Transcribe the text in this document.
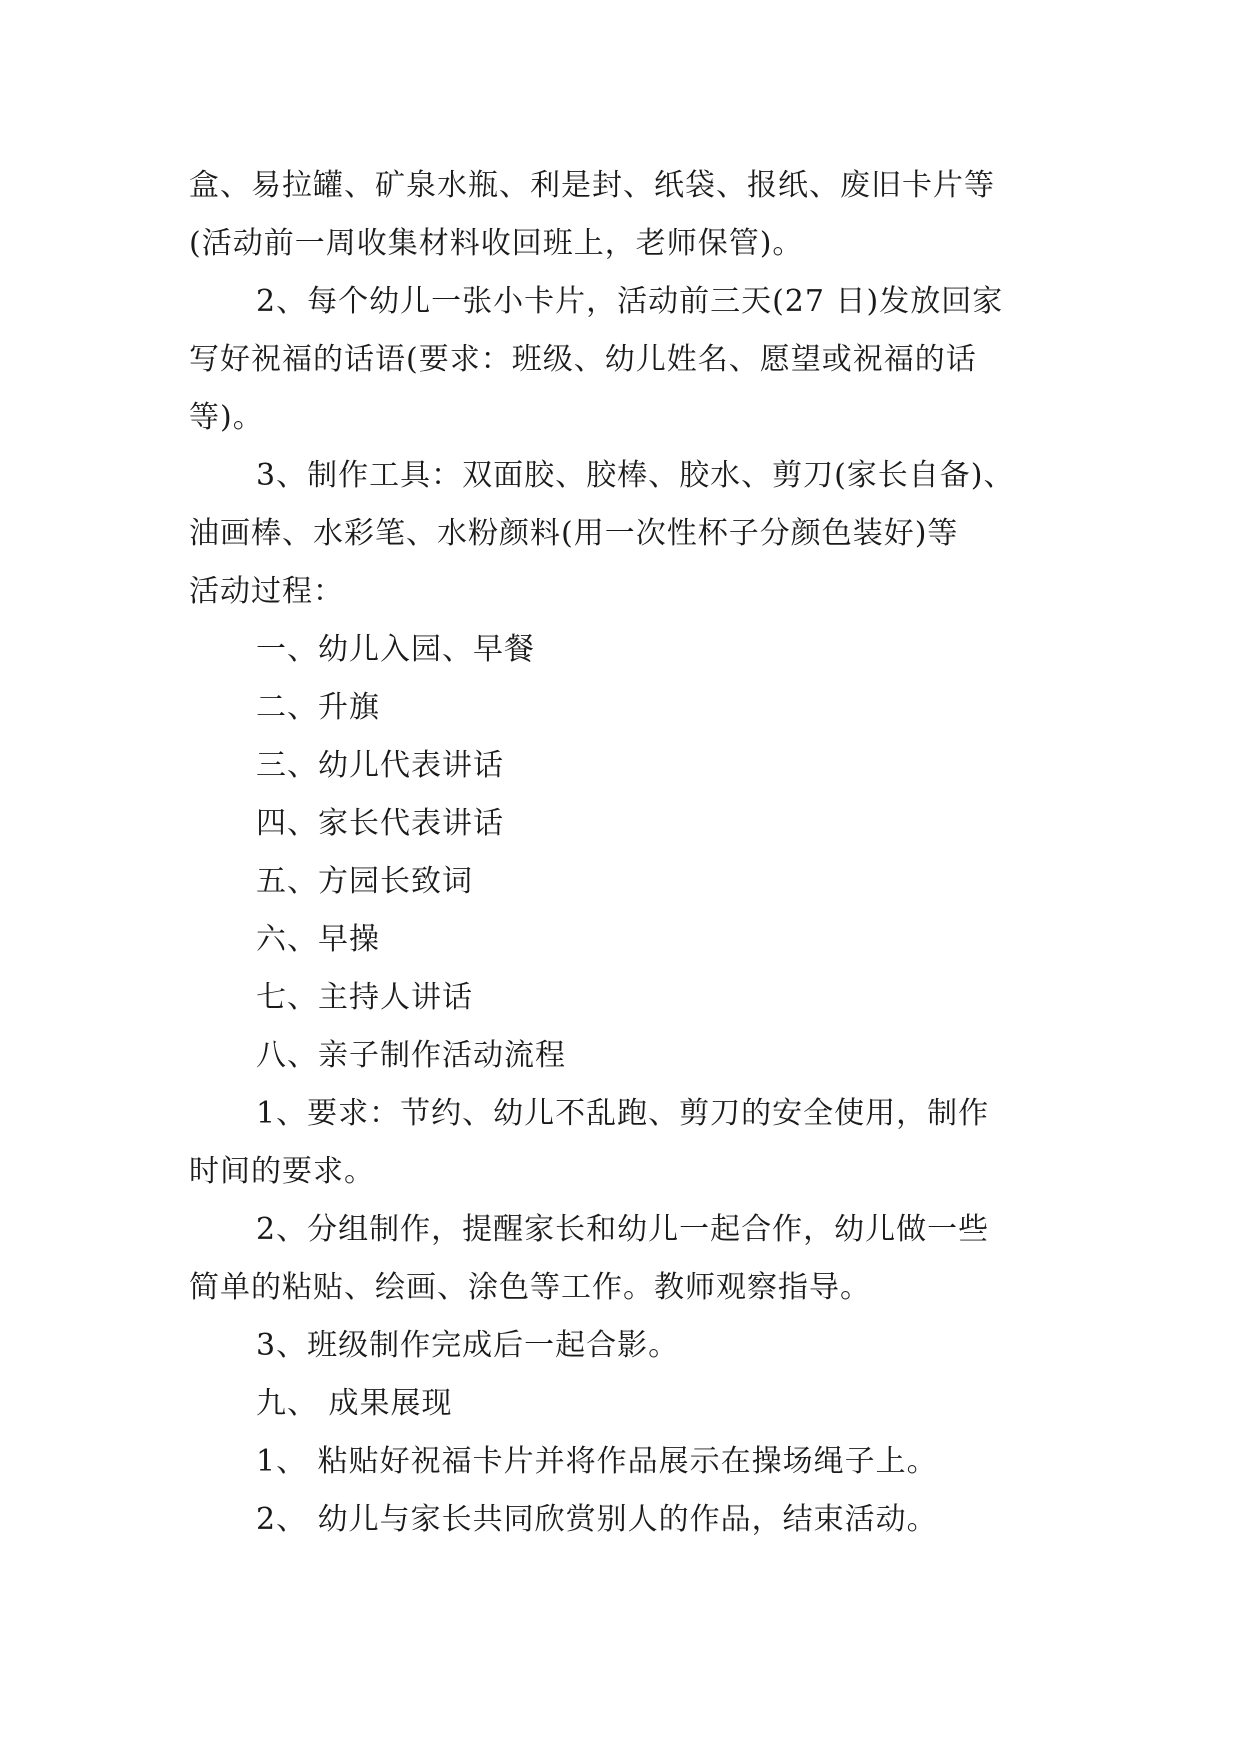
盒、易拉罐、矿泉水瓶、利是封、纸袋、报纸、废旧卡片等
(活动前一周收集材料收回班上，老师保管)。
2、每个幼儿一张小卡片，活动前三天(27 日)发放回家
写好祝福的话语(要求：班级、幼儿姓名、愿望或祝福的话
等)。
3、制作工具：双面胶、胶棒、胶水、剪刀(家长自备)、
油画棒、水彩笔、水粉颜料(用一次性杯子分颜色装好)等
活动过程：
一、幼儿入园、早餐
二、升旗
三、幼儿代表讲话
四、家长代表讲话
五、方园长致词
六、早操
七、主持人讲话
八、亲子制作活动流程
1、要求：节约、幼儿不乱跑、剪刀的安全使用，制作
时间的要求。
2、分组制作，提醒家长和幼儿一起合作，幼儿做一些
简单的粘贴、绘画、涂色等工作。教师观察指导。
3、班级制作完成后一起合影。
九、 成果展现
1、 粘贴好祝福卡片并将作品展示在操场绳子上。
2、 幼儿与家长共同欣赏别人的作品，结束活动。
